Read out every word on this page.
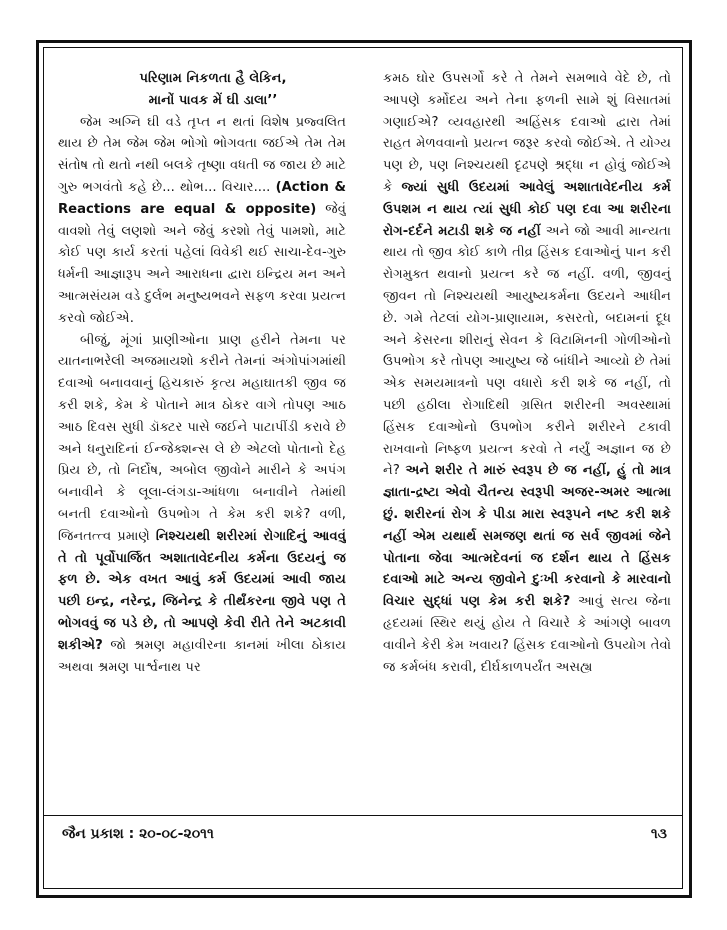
પરિણામ નિકળતા હૈ લેકિન,

માનોં પાવક મેં ઘી ડાલા’’

જેમ અગ્નિ ઘી વડે તૃપ્ત ન થતાં વિશેષ પ્રજ્વલિત થાય છે તેમ જેમ જેમ ભોગો ભોગવતા જઈએ તેમ તેમ સંતોષ તો થતો નથી બલકે તૃષ્ણા વધતી જ જાય છે માટે ગુરુ ભગવંતો કહે છે... થોભ... વિચાર.... (Action & Reactions are equal & opposite) જેવું વાવશો તેવું લણશો અને જેવું કરશો તેવું પામશો, માટે કોઈ પણ કાર્ય કરતાં પહેલાં વિવેકી થઈ સાચા-દેવ-ગુરુ ધર્મની આજ્ઞારૂપ અને આરાધના દ્વારા ઇન્દ્રિય મન અને આત્મસંયમ વડે દુર્લભ મનુષ્યભવને સફળ કરવા પ્રયત્ન કરવો જોઈએ.

બીજું, મૂંગાં પ્રાણીઓના પ્રાણ હરીને તેમના પર યાતનાભરેલી અજમાયશો કરીને તેમનાં અંગોપાંગમાંથી દવાઓ બનાવવાનું હિચકારું કૃત્ય મહાઘાતકી જીવ જ કરી શકે, કેમ કે પોતાને માત્ર ઠોકર વાગે તોપણ આઠ આઠ દિવસ સુધી ડૉક્ટર પાસે જઈને પાટાપીંડી કરાવે છે અને ધનુરાદિનાં ઈન્જેક્શન્સ લે છે એટલો પોતાનો દેહ પ્રિય છે, તો નિર્દોષ, અબોલ જીવોને મારીને કે અપંગ બનાવીને કે લૂલા-લંગડા-આંધળા બનાવીને તેમાંથી બનતી દવાઓનો ઉપભોગ તે કેમ કરી શકે? વળી, જિનતત્ત્વ પ્રમાણે નિશ્ચયથી શરીરમાં રોગાદિનું આવવું તે તો પૂર્વોપાર્જિત અશાતાવેદનીય કર્મના ઉદયનું જ ફળ છે. એક વખત આવું કર્મ ઉદયમાં આવી જાય પછી ઇન્દ્ર, નરેન્દ્ર, જિનેન્દ્ર કે તીર્થંકરના જીવે પણ તે ભોગવવું જ પડે છે, તો આપણે કેવી રીતે તેને અટકાવી શકીએ? જો શ્રમણ મહાવીરના કાનમાં ખીલા ઠોકાય અથવા શ્રમણ પાર્શ્વનાથ પર

કમઠ ઘોર ઉપસર્ગો કરે તે તેમને સમભાવે વેદે છે, તો આપણે કર્મોદય અને તેના ફળની સામે શું વિસાતમાં ગણાઈએ? વ્યવહારથી અહિંસક દવાઓ દ્વારા તેમાં રાહત મેળવવાનો પ્રયત્ન જરૂર કરવો જોઈએ. તે યોગ્ય પણ છે, પણ નિશ્ચયથી દૃઢપણે શ્રદ્ધા ન હોવું જોઈએ કે જ્યાં સુધી ઉદયમાં આવેલું અશાતાવેદનીય કર્મ ઉપશમ ન થાય ત્યાં સુધી કોઈ પણ દવા આ શરીરના રોગ-દર્દને મટાડી શકે જ નહીં અને જો આવી માન્યતા થાય તો જીવ કોઈ કાળે તીવ્ર હિંસક દવાઓનું પાન કરી રોગમુક્ત થવાનો પ્રયત્ન કરે જ નહીં. વળી, જીવનું જીવન તો નિશ્ચયથી આયુષ્યકર્મના ઉદયને આધીન છે. ગમે તેટલાં યોગ-પ્રાણાયામ, કસરતો, બદામનાં દૂધ અને કેસરના શીરાનું સેવન કે વિટામિનની ગોળીઓનો ઉપભોગ કરે તોપણ આયુષ્ય જે બાંધીને આવ્યો છે તેમાં એક સમયમાત્રનો પણ વધારો કરી શકે જ નહીં, તો પછી હઠીલા રોગાદિથી ગ્રસિત શરીરની અવસ્થામાં હિંસક દવાઓનો ઉપભોગ કરીને શરીરને ટકાવી રાખવાનો નિષ્ફળ પ્રયત્ન કરવો તે નર્યું અજ્ઞાન જ છે ને? અને શરીર તે મારું સ્વરૂપ છે જ નહીં, હું તો માત્ર જ્ઞાતા-દ્રષ્ટા એવો ચૈતન્ય સ્વરૂપી અજર-અમર આત્મા છું. શરીરનાં રોગ કે પીડા મારા સ્વરૂપને નષ્ટ કરી શકે નહીં એમ યથાર્થ સમજણ થતાં જ સર્વ જીવમાં જેને પોતાના જેવા આત્મદેવનાં જ દર્શન થાય તે હિંસક દવાઓ માટે અન્ય જીવોને દુઃખી કરવાનો કે મારવાનો વિચાર સુદ્ધાં પણ કેમ કરી શકે? આવું સત્ય જેના હૃદયમાં સ્થિર થયું હોય તે વિચારે કે આંગણે બાવળ વાવીને કેરી કેમ ખવાય? હિંસક દવાઓનો ઉપયોગ તેવો જ કર્મબંધ કરાવી, દીર્ઘકાળપર્યંત અસહ્ય

જૈન પ્રકાશ : ૨૦-૦૮-૨૦૧૧	૧૩
